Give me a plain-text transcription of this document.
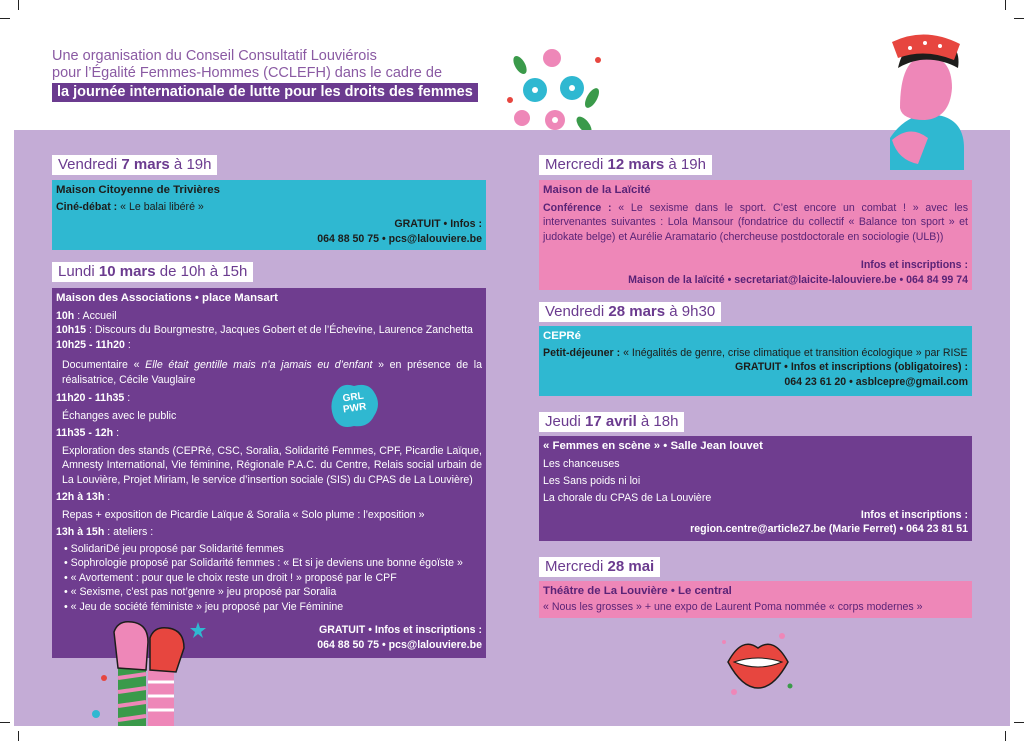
Une organisation du Conseil Consultatif Louviérois
pour l’Égalité Femmes-Hommes (CCLEFH) dans le cadre de
la journée internationale de lutte pour les droits des femmes
Vendredi 7 mars à 19h
Maison Citoyenne de Trivières
Ciné-débat : « Le balai libéré »
GRATUIT • Infos :
064 88 50 75 • pcs@lalouviere.be
Lundi 10 mars de 10h à 15h
Maison des Associations • place Mansart
10h : Accueil
10h15 : Discours du Bourgmestre, Jacques Gobert et de l’Échevine, Laurence Zanchetta
10h25 - 11h20 :
Documentaire « Elle était gentille mais n’a jamais eu d’enfant » en présence de la réalisatrice, Cécile Vauglaire
11h20 - 11h35 :
Échanges avec le public
11h35 - 12h :
Exploration des stands (CEPRé, CSC, Soralia, Solidarité Femmes, CPF, Picardie Laïque, Amnesty International, Vie féminine, Régionale P.A.C. du Centre, Relais social urbain de La Louvière, Projet Miriam, le service d’insertion sociale (SIS) du CPAS de La Louvière)
12h à 13h :
Repas + exposition de Picardie Laïque & Soralia « Solo plume : l’exposition »
13h à 15h : ateliers :
• SolidariDé jeu proposé par Solidarité femmes
• Sophrologie proposé par Solidarité femmes : « Et si je deviens une bonne égoïste »
• « Avortement : pour que le choix reste un droit ! » proposé par le CPF
• « Sexisme, c’est pas not’genre » jeu proposé par Soralia
• « Jeu de société féministe » jeu proposé par Vie Féminine
GRATUIT • Infos et inscriptions :
064 88 50 75 • pcs@lalouviere.be
GRL
PWR
Mercredi 12 mars à 19h
Maison de la Laïcité
Conférence : « Le sexisme dans le sport. C’est encore un combat ! » avec les intervenantes suivantes : Lola Mansour (fondatrice du collectif « Balance ton sport » et judokate belge) et Aurélie Aramatario (chercheuse postdoctorale en sociologie (ULB))
Infos et inscriptions :
Maison de la laïcité • secretariat@laicite-lalouviere.be • 064 84 99 74
Vendredi 28 mars à 9h30
CEPRé
Petit-déjeuner : « Inégalités de genre, crise climatique et transition écologique » par RISE
GRATUIT • Infos et inscriptions (obligatoires) :
064 23 61 20 • asblcepre@gmail.com
Jeudi 17 avril à 18h
« Femmes en scène » • Salle Jean louvet
Les chanceuses
Les Sans poids ni loi
La chorale du CPAS de La Louvière
Infos et inscriptions :
region.centre@article27.be (Marie Ferret) • 064 23 81 51
Mercredi 28 mai
Théâtre de La Louvière • Le central
« Nous les grosses » + une expo de Laurent Poma nommée « corps modernes »
